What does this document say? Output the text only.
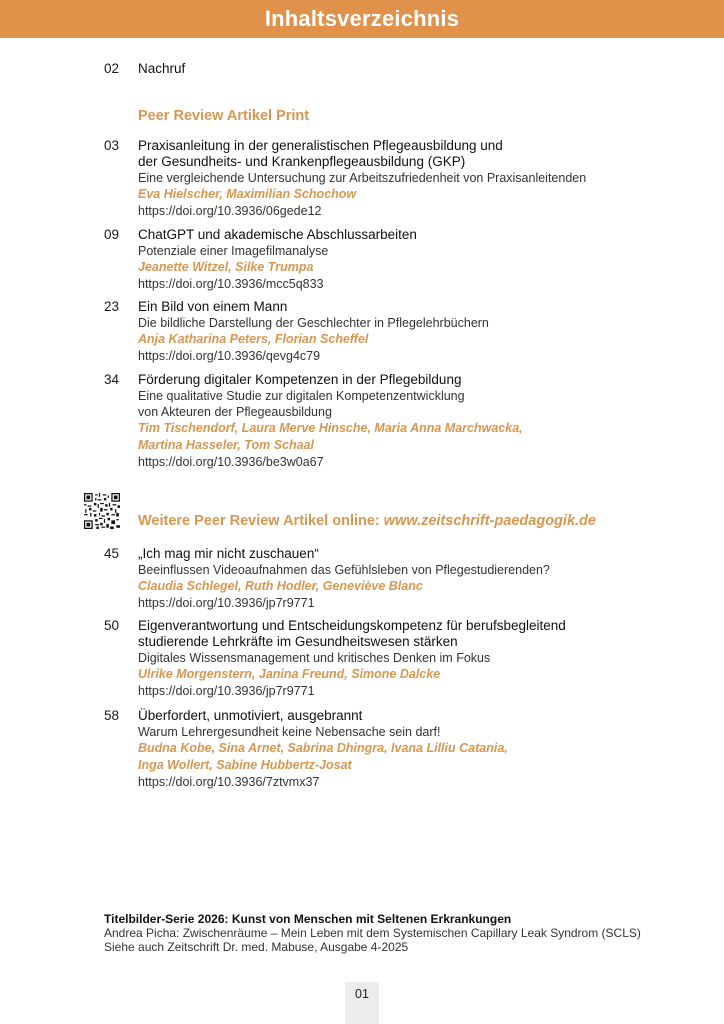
Inhaltsverzeichnis
02 Nachruf
Peer Review Artikel Print
03 Praxisanleitung in der generalistischen Pflegeausbildung und
der Gesundheits- und Krankenpflegeausbildung (GKP)
Eine vergleichende Untersuchung zur Arbeitszufriedenheit von Praxisanleitenden
Eva Hielscher, Maximilian Schochow
https://doi.org/10.3936/06gede12
09 ChatGPT und akademische Abschlussarbeiten
Potenziale einer Imagefilmanalyse
Jeanette Witzel, Silke Trumpa
https://doi.org/10.3936/mcc5q833
23 Ein Bild von einem Mann
Die bildliche Darstellung der Geschlechter in Pflegelehrbüchern
Anja Katharina Peters, Florian Scheffel
https://doi.org/10.3936/qevg4c79
34 Förderung digitaler Kompetenzen in der Pflegebildung
Eine qualitative Studie zur digitalen Kompetenzentwicklung
von Akteuren der Pflegeausbildung
Tim Tischendorf, Laura Merve Hinsche, Maria Anna Marchwacka,
Martina Hasseler, Tom Schaal
https://doi.org/10.3936/be3w0a67
Weitere Peer Review Artikel online: www.zeitschrift-paedagogik.de
45 „Ich mag mir nicht zuschauen“
Beeinflussen Videoaufnahmen das Gefühlsleben von Pflegestudierenden?
Claudia Schlegel, Ruth Hodler, Geneviève Blanc
https://doi.org/10.3936/jp7r9771
50 Eigenverantwortung und Entscheidungskompetenz für berufsbegleitend
studierende Lehrkräfte im Gesundheitswesen stärken
Digitales Wissensmanagement und kritisches Denken im Fokus
Ulrike Morgenstern, Janina Freund, Simone Dalcke
https://doi.org/10.3936/jp7r9771
58 Überfordert, unmotiviert, ausgebrannt
Warum Lehrergesundheit keine Nebensache sein darf!
Budna Kobe, Sina Arnet, Sabrina Dhingra, Ivana Lilliu Catania,
Inga Wollert, Sabine Hubbertz-Josat
https://doi.org/10.3936/7ztvmx37
Titelbilder-Serie 2026: Kunst von Menschen mit Seltenen Erkrankungen
Andrea Picha: Zwischenräume – Mein Leben mit dem Systemischen Capillary Leak Syndrom (SCLS)
Siehe auch Zeitschrift Dr. med. Mabuse, Ausgabe 4-2025
01
